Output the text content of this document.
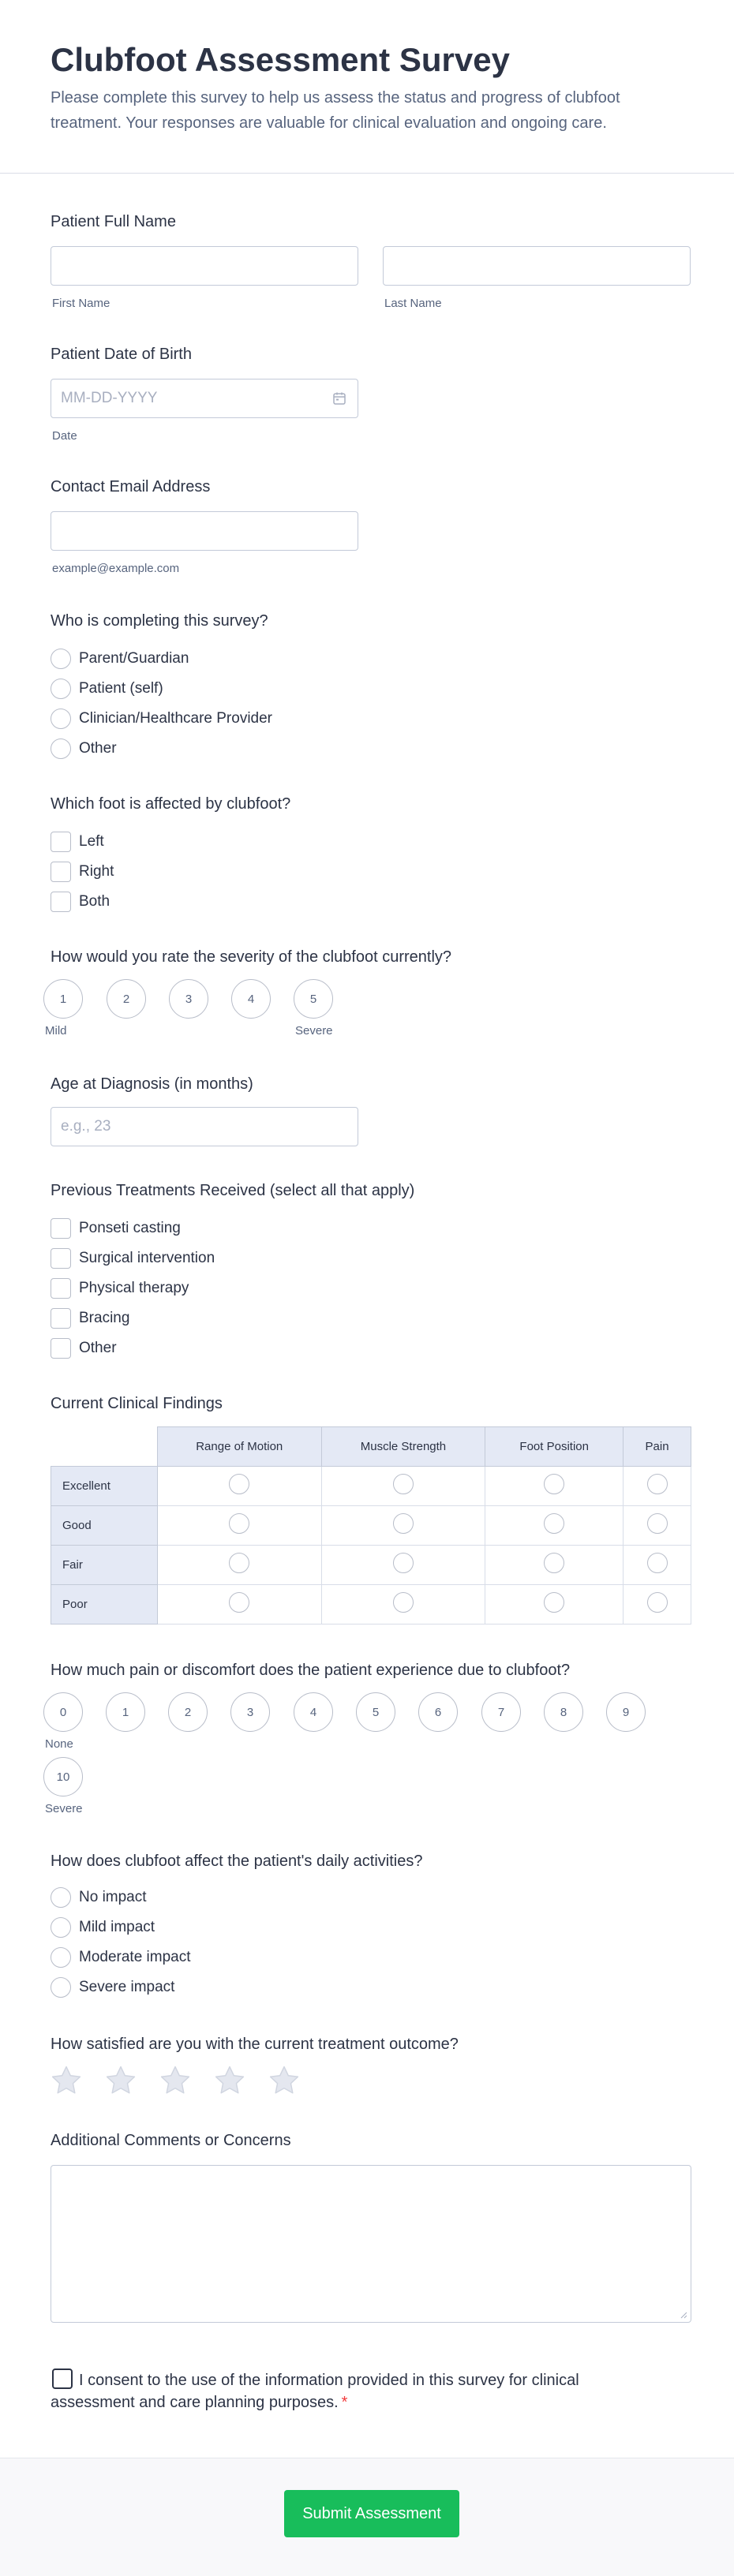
Clubfoot Assessment Survey

Please complete this survey to help us assess the status and progress of clubfoot treatment. Your responses are valuable for clinical evaluation and ongoing care.

Patient Full Name
First Name	Last Name
Patient Date of Birth
MM-DD-YYYY
Date
Contact Email Address
example@example.com
Who is completing this survey?
Parent/Guardian
Patient (self)
Clinician/Healthcare Provider
Other
Which foot is affected by clubfoot?
Left
Right
Both
How would you rate the severity of the clubfoot currently?
1	2	3	4	5
Mild	Severe
Age at Diagnosis (in months)
e.g., 23
Previous Treatments Received (select all that apply)
Ponseti casting
Surgical intervention
Physical therapy
Bracing
Other
Current Clinical Findings
	Range of Motion	Muscle Strength	Foot Position	Pain
Excellent				
Good				
Fair				
Poor				
How much pain or discomfort does the patient experience due to clubfoot?
0	1	2	3	4	5	6	7	8	9
None
10
Severe
How does clubfoot affect the patient's daily activities?
No impact
Mild impact
Moderate impact
Severe impact
How satisfied are you with the current treatment outcome?
Additional Comments or Concerns
I consent to the use of the information provided in this survey for clinical assessment and care planning purposes. *
Submit Assessment
